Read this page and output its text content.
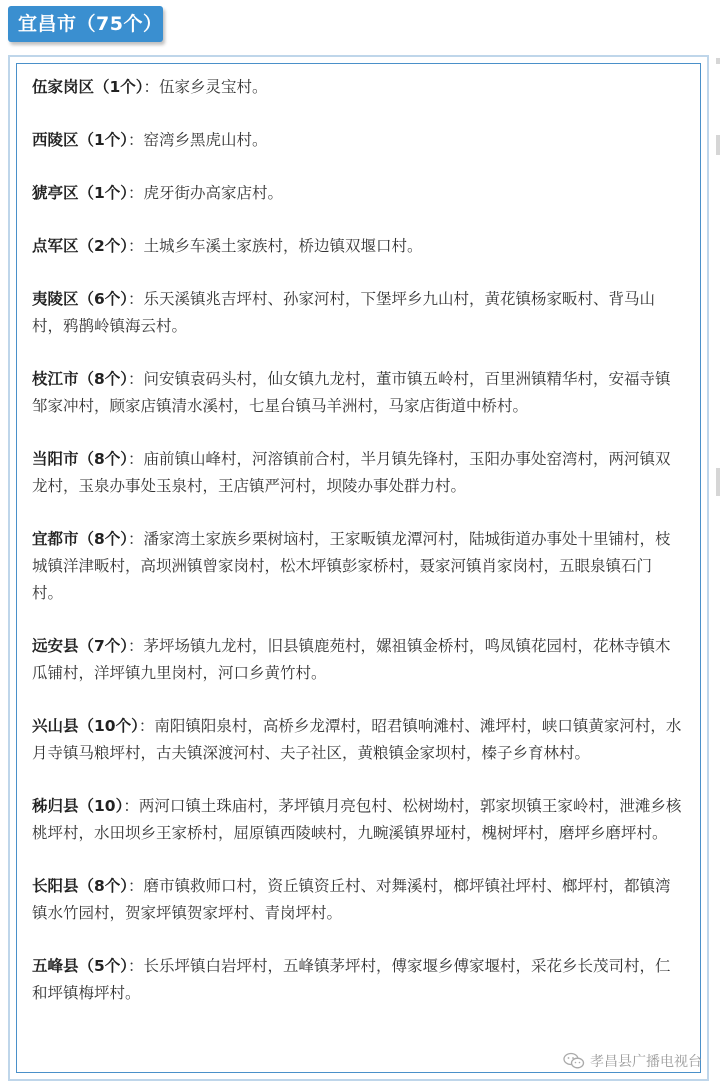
宜昌市（75个）
伍家岗区（1个）：伍家乡灵宝村。
西陵区（1个）：窑湾乡黑虎山村。
猇亭区（1个）：虎牙街办高家店村。
点军区（2个）：土城乡车溪土家族村，桥边镇双堰口村。
夷陵区（6个）：乐天溪镇兆吉坪村、孙家河村，下堡坪乡九山村，黄花镇杨家畈村、背马山村，鸦鹊岭镇海云村。
枝江市（8个）：问安镇袁码头村，仙女镇九龙村，董市镇五岭村，百里洲镇精华村，安福寺镇邹家冲村，顾家店镇清水溪村，七星台镇马羊洲村，马家店街道中桥村。
当阳市（8个）：庙前镇山峰村，河溶镇前合村，半月镇先锋村，玉阳办事处窑湾村，两河镇双龙村，玉泉办事处玉泉村，王店镇严河村，坝陵办事处群力村。
宜都市（8个）：潘家湾土家族乡栗树垴村，王家畈镇龙潭河村，陆城街道办事处十里铺村，枝城镇洋津畈村，高坝洲镇曾家岗村，松木坪镇彭家桥村，聂家河镇肖家岗村，五眼泉镇石门村。
远安县（7个）：茅坪场镇九龙村，旧县镇鹿苑村，嫘祖镇金桥村，鸣凤镇花园村，花林寺镇木瓜铺村，洋坪镇九里岗村，河口乡黄竹村。
兴山县（10个）：南阳镇阳泉村，高桥乡龙潭村，昭君镇响滩村、滩坪村，峡口镇黄家河村，水月寺镇马粮坪村，古夫镇深渡河村、夫子社区，黄粮镇金家坝村，榛子乡育林村。
秭归县（10）：两河口镇土珠庙村，茅坪镇月亮包村、松树坳村，郭家坝镇王家岭村，泄滩乡核桃坪村，水田坝乡王家桥村，屈原镇西陵峡村，九畹溪镇界垭村，槐树坪村，磨坪乡磨坪村。
长阳县（8个）：磨市镇救师口村，资丘镇资丘村、对舞溪村，榔坪镇社坪村、榔坪村，都镇湾镇水竹园村，贺家坪镇贺家坪村、青岗坪村。
五峰县（5个）：长乐坪镇白岩坪村，五峰镇茅坪村，傅家堰乡傅家堰村，采花乡长茂司村，仁和坪镇梅坪村。
孝昌县广播电视台
